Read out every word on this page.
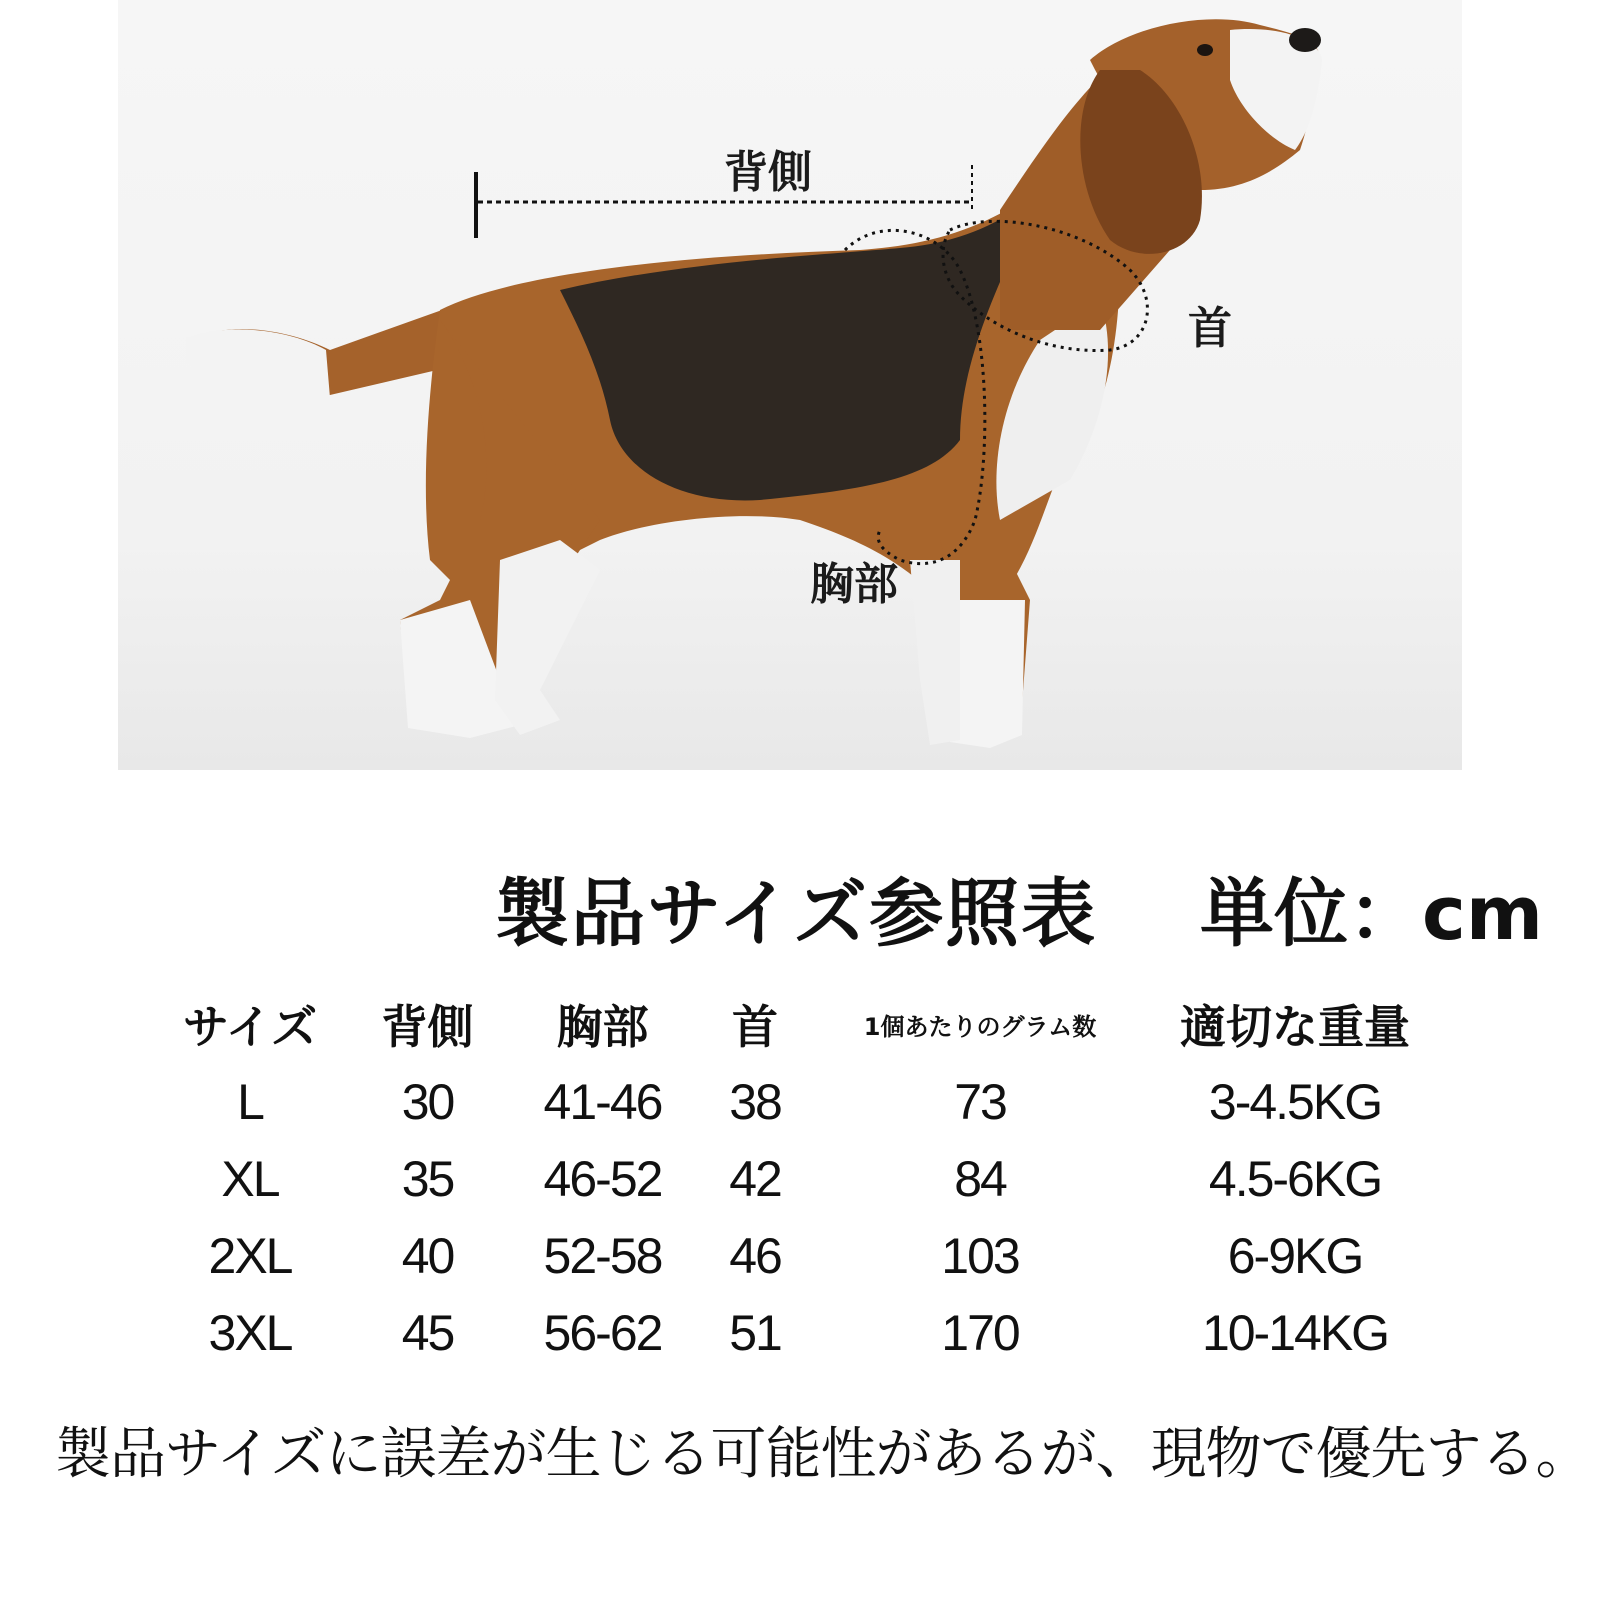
背側
首
胸部
製品サイズ参照表 単位：cm
サイズ	背側	胸部	首	1個あたりのグラム数	適切な重量
L	30	41-46	38	73	3-4.5KG
XL	35	46-52	42	84	4.5-6KG
2XL	40	52-58	46	103	6-9KG
3XL	45	56-62	51	170	10-14KG
製品サイズに誤差が生じる可能性があるが、現物で優先する。
